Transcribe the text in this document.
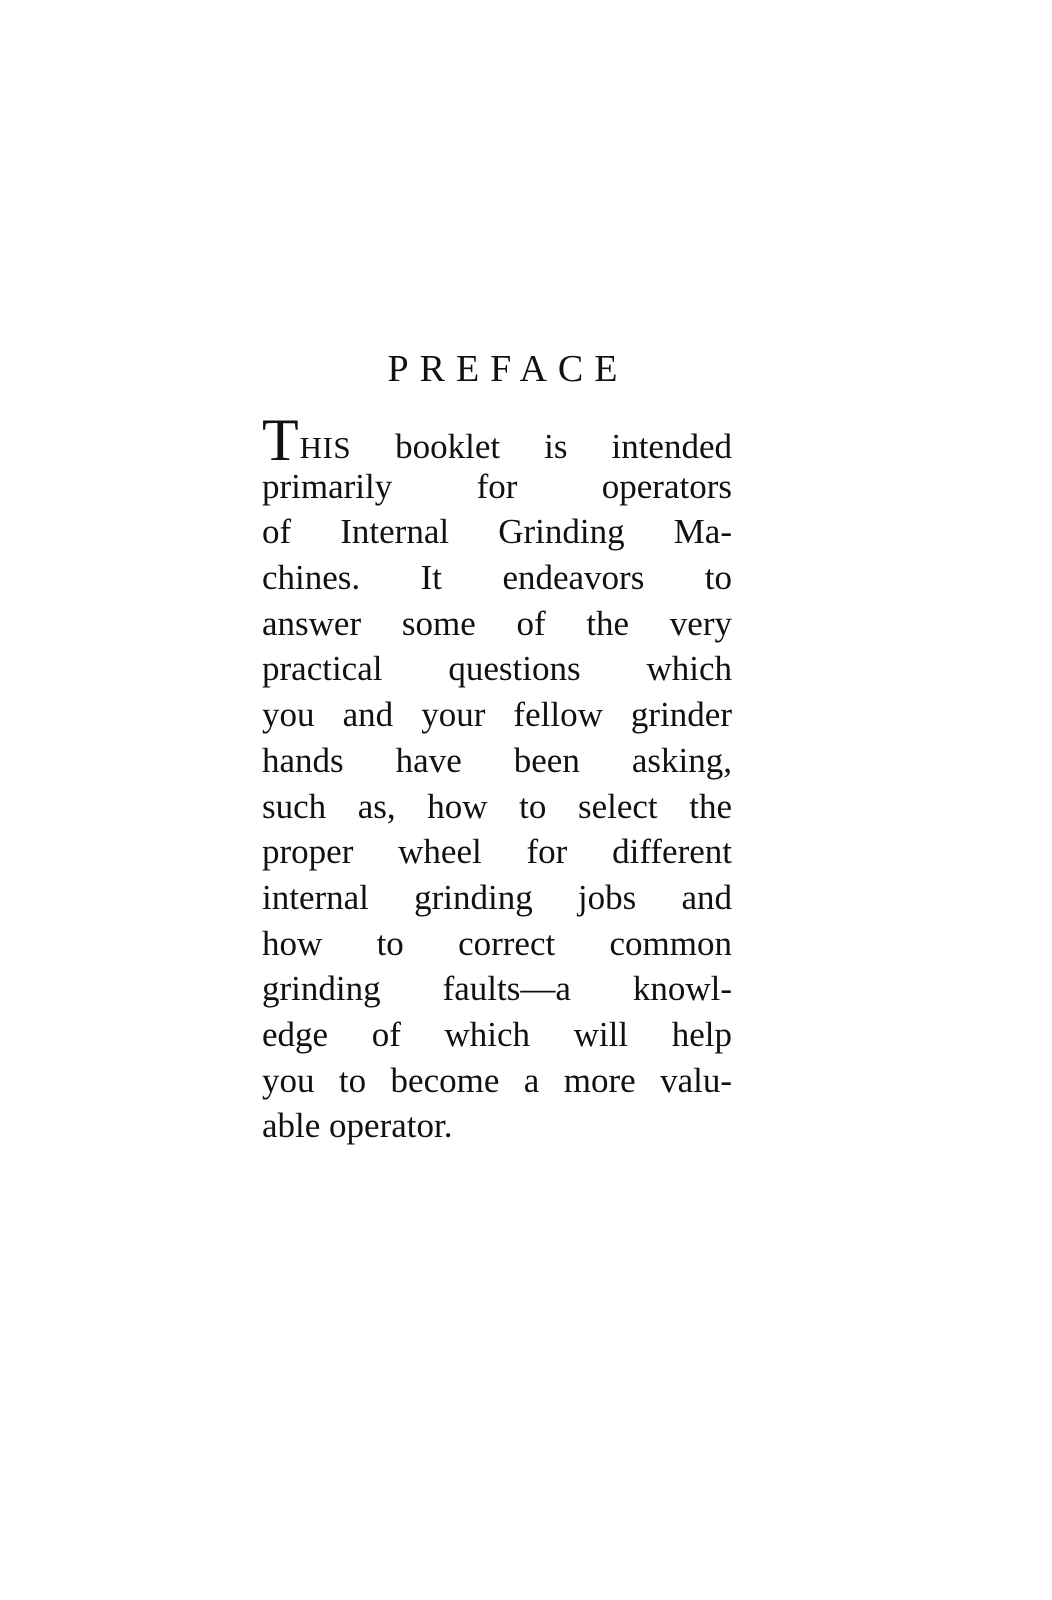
PREFACE
THIS booklet is intended
primarily for operators
of Internal Grinding Ma-
chines. It endeavors to
answer some of the very
practical questions which
you and your fellow grinder
hands have been asking,
such as, how to select the
proper wheel for different
internal grinding jobs and
how to correct common
grinding faults—a knowl-
edge of which will help
you to become a more valu-
able operator.
